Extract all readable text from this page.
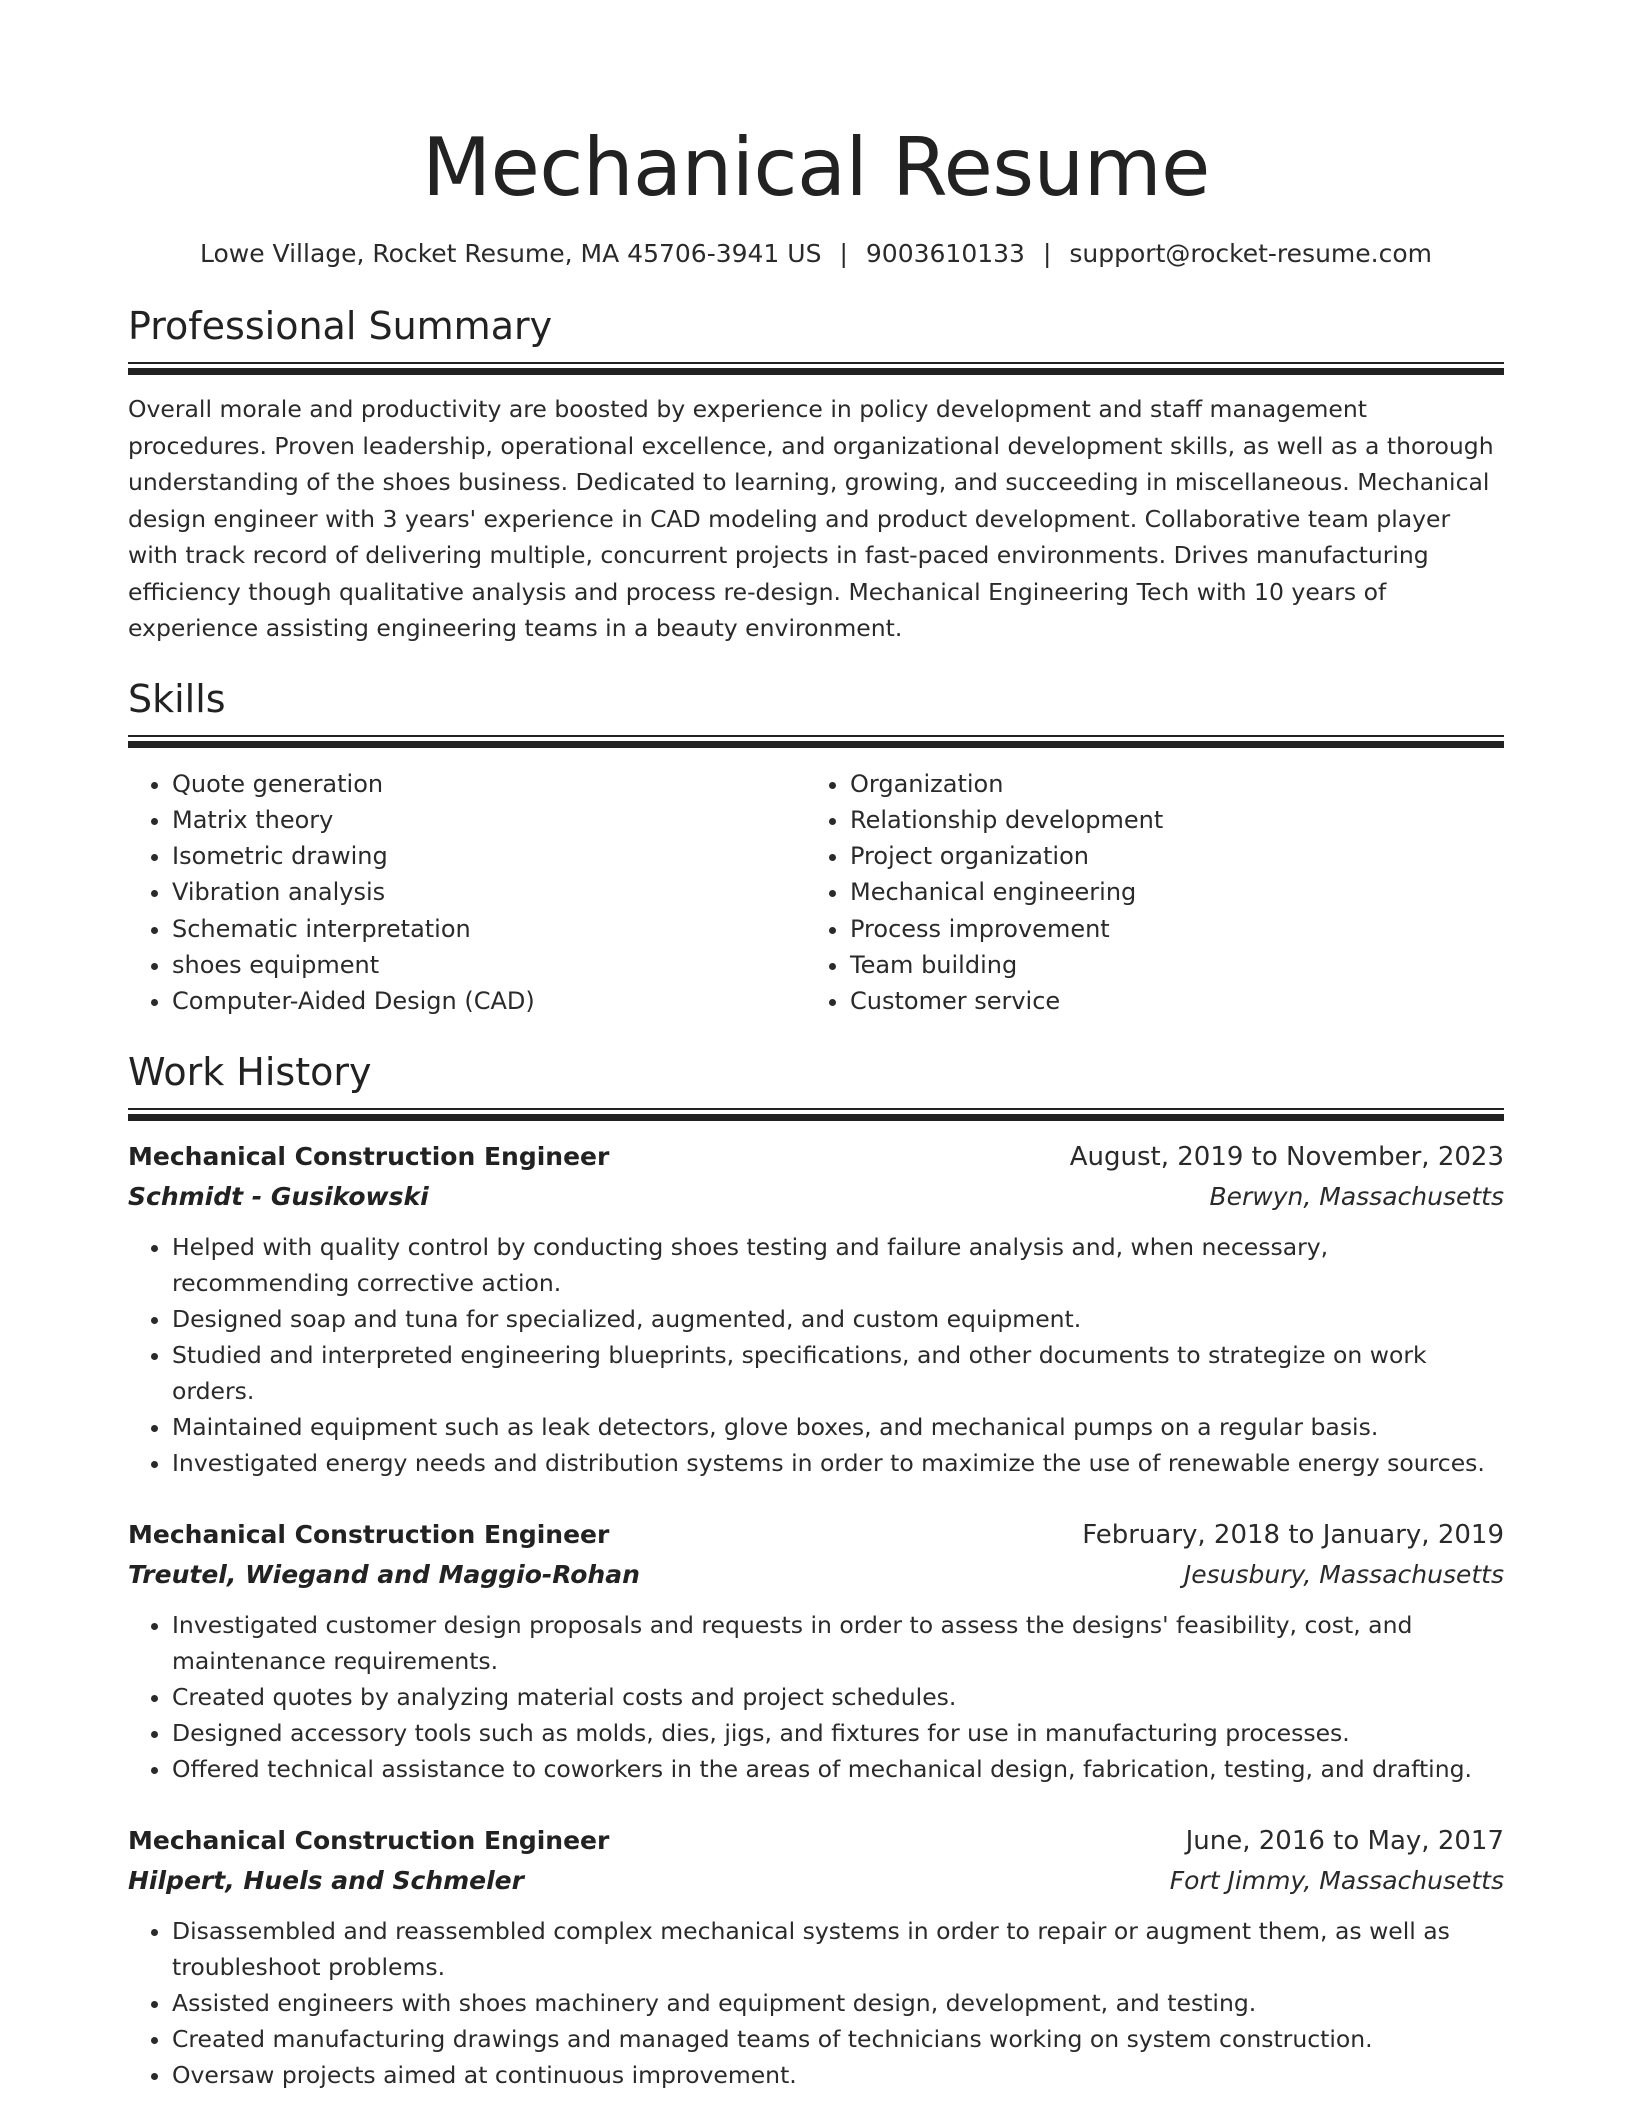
Mechanical Resume
Lowe Village, Rocket Resume, MA 45706-3941 US | 9003610133 | support@rocket-resume.com
Professional Summary
Overall morale and productivity are boosted by experience in policy development and staff management procedures. Proven leadership, operational excellence, and organizational development skills, as well as a thorough understanding of the shoes business. Dedicated to learning, growing, and succeeding in miscellaneous. Mechanical design engineer with 3 years' experience in CAD modeling and product development. Collaborative team player with track record of delivering multiple, concurrent projects in fast-paced environments. Drives manufacturing efficiency though qualitative analysis and process re-design. Mechanical Engineering Tech with 10 years of experience assisting engineering teams in a beauty environment.
Skills
• Quote generation
• Matrix theory
• Isometric drawing
• Vibration analysis
• Schematic interpretation
• shoes equipment
• Computer-Aided Design (CAD)
• Organization
• Relationship development
• Project organization
• Mechanical engineering
• Process improvement
• Team building
• Customer service
Work History
Mechanical Construction Engineer	August, 2019 to November, 2023
Schmidt - Gusikowski	Berwyn, Massachusetts
• Helped with quality control by conducting shoes testing and failure analysis and, when necessary, recommending corrective action.
• Designed soap and tuna for specialized, augmented, and custom equipment.
• Studied and interpreted engineering blueprints, specifications, and other documents to strategize on work orders.
• Maintained equipment such as leak detectors, glove boxes, and mechanical pumps on a regular basis.
• Investigated energy needs and distribution systems in order to maximize the use of renewable energy sources.
Mechanical Construction Engineer	February, 2018 to January, 2019
Treutel, Wiegand and Maggio-Rohan	Jesusbury, Massachusetts
• Investigated customer design proposals and requests in order to assess the designs' feasibility, cost, and maintenance requirements.
• Created quotes by analyzing material costs and project schedules.
• Designed accessory tools such as molds, dies, jigs, and fixtures for use in manufacturing processes.
• Offered technical assistance to coworkers in the areas of mechanical design, fabrication, testing, and drafting.
Mechanical Construction Engineer	June, 2016 to May, 2017
Hilpert, Huels and Schmeler	Fort Jimmy, Massachusetts
• Disassembled and reassembled complex mechanical systems in order to repair or augment them, as well as troubleshoot problems.
• Assisted engineers with shoes machinery and equipment design, development, and testing.
• Created manufacturing drawings and managed teams of technicians working on system construction.
• Oversaw projects aimed at continuous improvement.
